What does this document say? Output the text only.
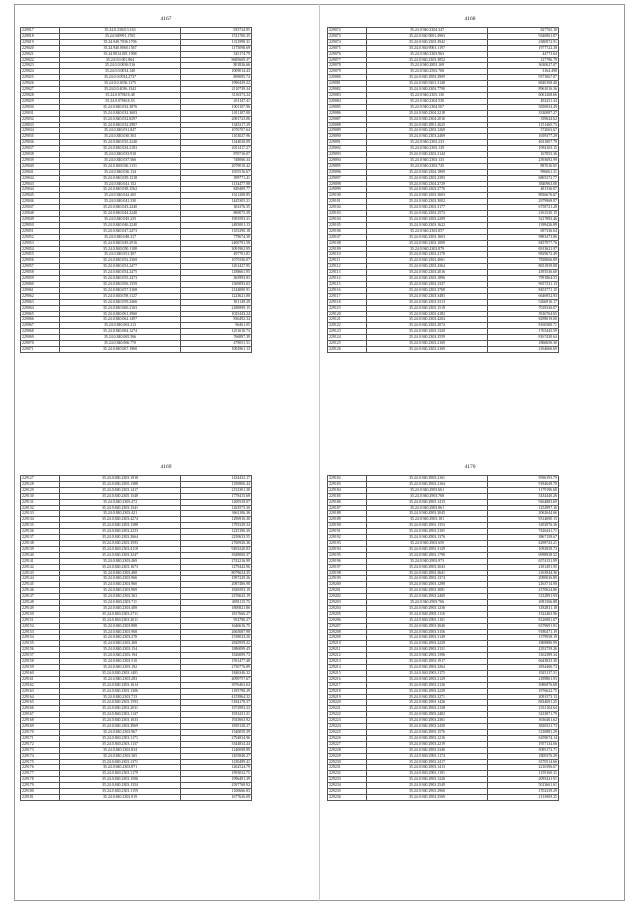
4167
229017	35.24.0.230213.163	935724.95
229018	35.24.949991.1765	1531706.35
229019	35.24.940.7036.1706	1311998.31
229020	35.24.940.0060.1567	1175098.69
229021	35.24.9014.001.1908	345174.79
229022	35.24.0.0.001.864	8685669.37
229023	35.24.0.0.0036.516	801826.66
229024	35.24.0.0.0034.140	1009014.43
229025	35.24.0.0.0034.2737	809095.74
229026	35.24.0.0.4036.1175	1990439.22
229027	35.24.0.0.4036.1342	2110739.34
229028	35.24.0.070616.48	3116373.24
229029	35.24.0.070616.53	451147.41
229030	35.24.0.840.032.3876	1001107.96
229031	35.24.0.840.032.3603	1011107.00
229032	35.24.0.840.032.8297	2081723.06
229033	35.24.0.840.032.2987	1345217.29
229034	35.24.0.840.031.847	1076707.64
229035	35.24.0.840.030.563	1103027.96
229036	35.24.0.840.035.2240	1344020.09
229037	35.24.0.840.034.2103	2011417.27
229038	35.24.0.840.033.910	870716.07
229039	35.24.0.840.037.566	748066.34
229040	35.24.0.840.036.1131	2079010.42
229041	35.24.0.840.036.134	1055516.67
229042	35.24.0.840.039.1218	399771.41
229043	35.24.0.840.041.152	1134477.98
229044	35.24.0.840.038.1562	849409.77
229045	35.24.0.840.042.265	1611208.85
229046	35.24.0.840.041.330	1445305.21
229047	35.24.0.840.043.2240	363376.35
229048	35.24.0.840.044.2240	869073.39
229049	35.24.0.840.045.235	1903593.31
229050	35.24.0.840.046.2240	2485001.13
229051	35.24.0.840.047.2473	1355290.18
229052	35.24.0.840.048.417	779674.38
229053	35.24.0.840.049.2916	2400791.58
229054	35.24.0.840.050.1108	3091962.95
229055	35.24.0.840.051.307	497701.81
229056	35.24.0.840.052.2369	1075556.07
229057	35.24.0.840.053.2477	1201427.95
229058	35.24.0.840.054.2475	1188661.95
229059	35.24.0.840.055.2473	365993.83
229060	35.24.0.840.056.1359	1369093.63
229061	35.24.0.840.057.3168	2144000.91
229062	35.24.0.840.058.1127	1223621.80
229063	35.24.0.840.059.2466	811149.29
229064	35.24.0.840.060.2163	2186999.15
229065	35.24.0.840.061.2960	1025443.24
229066	35.24.0.840.062.1497	836492.34
229067	35.24.0.840.063.213	96461.05
229068	35.24.0.840.064.1274	1251010.73
229069	35.24.0.840.065.566	766897.39
229070	35.24.0.840.066.770	479051.51
229071	35.24.0.840.067.1960	1002961.13
4168
229072	35.24.0.940.2304.347	827765.18
229073	35.24.0.940.9001.4963	9346901.87
229074	35.24.0.940.2303.3942	2380972.91
229075	35.24.0.940.9001.1197	1977722.38
229076	35.24.0.940.2303.963	44773.64
229077	35.24.0.940.2303.3852	137786.79
229078	35.24.0.940.2803.169	3630627.07
229079	35.24.0.940.2503.768	3164.498
229080	35.24.0.940.2903.2909	9373067.07
229081	35.24.0.940.9201.3140	6840168.40
229082	35.24.0.940.2303.7790	8961016.36
229083	35.24.0.940.2303.130	6061268.66
229084	35.24.0.940.2304.530	492251.34
229085	35.24.0.940.2304.567	5656934.49
229086	35.24.0.940.2304.3218	3330087.27
229087	35.24.0.940.2304.2016	339624.62
229088	35.24.0.940.2901.2625	1151465.73
229089	35.24.0.940.2303.1269	572063.67
229090	35.24.0.940.2303.2469	1659377.29
229091	35.24.0.940.2303.233	4031807.79
229092	35.24.0.940.2303.139	1094103.15
229093	35.24.0.940.2303.2144	167853.36
229094	35.24.0.940.2303.133	2393692.99
229095	35.24.0.940.2303.745	887616.65
229096	35.24.0.940.2304.1809	996061.31
229097	35.24.0.940.2303.2393	6865372.77
229098	35.24.0.940.2304.2729	3840963.08
229099	35.24.0.940.2303.2776	481336.07
229100	35.24.0.940.2303.3603	8836676.67
229101	35.24.0.940.2303.3002	2979968.97
229102	35.24.0.940.2303.3177	6758721.28
229103	35.24.0.940.2303.2573	2161520.15
229104	35.24.0.940.2303.2209	5217883.46
229105	35.24.0.940.2303.1622	1399426.89
229106	35.24.0.940.2303.857	697336.04
229107	35.24.0.940.2303.1603	9883473.86
229108	35.24.0.940.2303.1009	8457977.76
229109	35.24.0.940.2303.879	6913621.97
229110	35.24.0.940.2303.2178	9829672.49
229111	35.24.0.940.2303.4061	7838666.89
229112	35.24.0.940.2303.4364	8651839.08
229113	35.24.0.940.2303.2016	4393536.60
229114	35.24.0.940.2303.1896	7991864.53
229115	35.24.0.940.2303.3337	9657231.13
229116	35.24.0.940.2303.3768	8453771.15
229117	35.24.0.940.2303.3483	6646952.93
229118	35.24.0.940.2303.3313	5266916.17
229119	35.24.0.940.2303.1519	7018336.07
229120	35.24.0.940.2303.4182	3916764.65
229121	35.24.0.940.2303.4204	8298019.00
229122	35.24.0.940.2303.2074	8160300.71
229123	35.24.0.940.2303.1320	1763445.59
229124	35.24.0.940.2303.2559	8167430.64
229125	35.24.0.940.2303.2169	1866656.30
229126	35.24.0.940.2303.2169	2164666.69
4169
229127	35.24.0.840.2303.1918	1434432.17
229128	35.24.0.840.2305.1388	1356966.44
229129	35.24.0.840.2303.1417	2152301.38
229130	35.24.0.840.2305.1548	1778415.68
229131	35.24.0.840.2303.472	1200529.07
229132	35.24.0.840.2303.1341	1263573.30
229133	35.24.0.840.2303.421	3661106.36
229134	35.24.0.840.2303.4274	1296916.30
229135	35.24.0.840.2303.1388	1795329.34
229136	35.24.0.840.2303.2233	1225196.30
229137	35.24.0.840.2303.2664	2250633.55
229138	35.24.0.840.2303.3593	2760926.36
229139	35.24.0.840.2303.4118	9493220.83
229140	35.24.0.840.2303.3247	3948000.37
229141	35.24.0.840.2303.469	2742216.99
229142	35.24.0.840.2303.1673	1279442.96
229143	35.24.0.840.2303.468	8079634.35
229144	35.24.0.840.2303.966	1997229.36
229145	35.24.0.840.2303.960	2087486.98
229146	35.24.0.840.2303.969	1826593.19
229147	35.24.0.840.2303.363	2376643.19
229148	35.24.0.840.2303.711	4091115.75
229149	35.24.0.840.2303.408	1800821.86
229150	35.24.0.840.2303.2711	1817666.27
229151	35.24.0.840.2303.2011	952780.27
229152	35.24.0.840.2303.888	1646616.75
229153	35.24.0.840.2303.968	2665687.98
229154	35.24.0.840.2303.278	1558033.20
229155	35.24.0.840.2303.269	2820959.22
229156	35.24.0.840.2303.154	1886099.45
229157	35.24.0.840.2303.194	1826089.73
229158	35.24.0.840.2303.510	1591477.48
229159	35.24.0.840.2303.192	2750776.89
229160	35.24.0.840.2303.1401	1846346.32
229161	35.24.0.840.2303.283	4099757.67
229162	35.24.0.840.2303.1614	3976463.64
229163	35.24.0.840.2303.1306	1185798.29
229164	35.24.0.840.2303.713	4153964.32
229165	35.24.0.840.2303.1593	5184178.37
229166	35.24.0.840.2303.2031	1972993.33
229167	35.24.0.840.2303.1147	1933231.31
229168	35.24.0.840.2303.1033	1925663.92
229169	35.24.0.840.2303.2969	1859128.27
229170	35.24.0.840.2303.967	1540059.39
229171	35.24.0.840.2303.1171	2794834.96
229172	35.24.0.840.2303.1137	3344834.44
229173	35.24.0.840.2303.834	1240698.89
229174	35.24.0.840.2303.365	1455846.27
229175	35.24.0.840.2303.1371	1230499.41
229176	35.24.0.840.2303.871	1262524.79
229177	35.24.0.840.2303.1179	1993032.75
229178	35.24.0.840.2303.1506	1996481.39
229179	35.24.0.840.2303.1354	2597768.92
229180	35.24.0.840.2303.1159	1100666.83
229181	35.24.0.840.2303.819	1677626.09
4170
229182	35.24.0.940.2903.2161	9596193.79
229183	35.24.0.940.2903.2164	9184649.70
229184	35.24.0.940.2903.661	1179196.60
229185	35.24.0.940.2903.768	5434440.26
229186	35.24.0.940.2903.1415	9264883.69
229187	35.24.0.940.2903.861	1252897.16
229188	35.24.0.940.2903.3045	2062644.66
229189	35.24.0.940.2903.181	9314690.15
229190	35.24.0.940.2903.1353	3292976.36
229191	35.24.0.940.2903.3165	7426441.71
229192	35.24.0.940.2903.1376	3867158.67
229193	35.24.0.940.2903.659	4298743.21
229194	35.24.0.940.2903.3129	1092839.73
229195	35.24.0.940.2903.1798	6998928.52
229196	35.24.0.940.2903.973	6574151.99
229197	35.24.0.940.2903.3043	2181491.95
229198	35.24.0.940.2903.3641	2163944.36
229199	35.24.0.940.2903.1374	2090636.89
229200	35.24.0.940.2903.1298	2163714.90
229201	35.24.0.940.2903.3081	2370624.86
229202	35.24.0.940.2903.2469	3132891.93
229203	35.24.0.940.2903.766	2081566.88
229204	35.24.0.940.2903.1236	3182831.18
229205	35.24.0.940.2903.1116	1322463.96
229206	35.24.0.940.2903.1101	8126981.07
229207	35.24.0.940.2903.3046	6379691.91
229208	35.24.0.940.2903.3156	9180471.19
229209	35.24.0.940.2903.3149	1579938.19
229210	35.24.0.940.2903.2229	1869886.99
229211	35.24.0.940.2903.2131	2353759.26
229212	35.24.0.940.2903.1396	3162389.34
229213	35.24.0.940.2903.1917	6643823.30
229214	35.24.0.940.2903.3264	2834466.73
229215	35.24.0.940.2903.1175	1925137.31
229216	35.24.0.940.2903.2129	2189861.93
229217	35.24.0.940.2903.2126	5086976.68
229218	35.24.0.940.2903.2229	1976622.75
229219	35.24.0.940.2903.3271	2091573.13
229220	35.24.0.940.2903.1426	6834691.25
229221	35.24.0.940.2903.2138	2331104.64
229222	35.24.0.940.2903.2402	3233871.79
229223	35.24.0.940.2903.2361	3636461.62
229224	35.24.0.940.2903.2430	3826521.73
229225	35.24.0.940.2903.1576	3130881.29
229226	35.24.0.940.2903.1216	6259674.14
229227	35.24.0.940.2903.2219	1957134.66
229228	35.24.0.940.2903.3346	3095172.71
229229	35.24.0.940.2903.1174	1800376.29
229230	35.24.0.940.2903.2417	3370514.66
229231	35.24.0.940.2903.1413	2210396.67
229232	35.24.0.940.2903.1191	1159160.31
229233	35.24.0.940.2903.1226	2095421.91
229234	35.24.0.940.2903.2549	5013661.61
229235	35.24.0.940.2903.2960	1702339.29
229236	35.24.0.940.2903.2569	2133909.25
